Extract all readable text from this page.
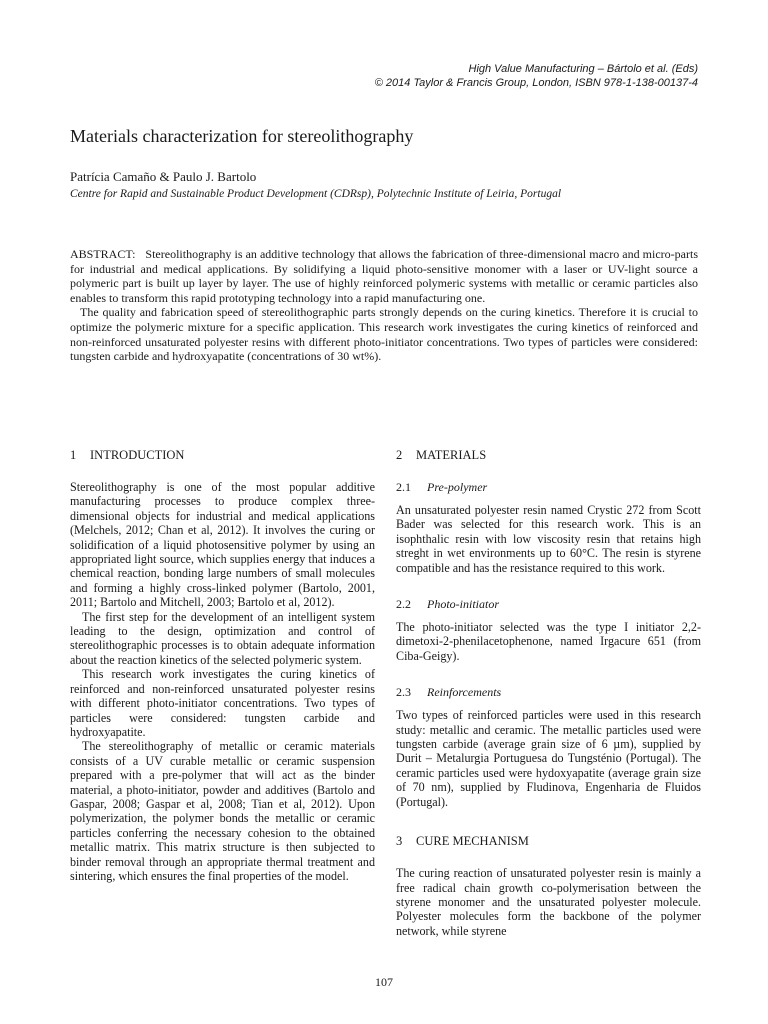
High Value Manufacturing – Bártolo et al. (Eds)
© 2014 Taylor & Francis Group, London, ISBN 978-1-138-00137-4
Materials characterization for stereolithography
Patrícia Camaño & Paulo J. Bartolo
Centre for Rapid and Sustainable Product Development (CDRsp), Polytechnic Institute of Leiria, Portugal

ABSTRACT: Stereolithography is an additive technology that allows the fabrication of three-dimensional macro and micro-parts for industrial and medical applications. By solidifying a liquid photo-sensitive monomer with a laser or UV-light source a polymeric part is built up layer by layer. The use of highly reinforced polymeric systems with metallic or ceramic particles also enables to transform this rapid prototyping technology into a rapid manufacturing one.

The quality and fabrication speed of stereolithographic parts strongly depends on the curing kinetics. Therefore it is crucial to optimize the polymeric mixture for a specific application. This research work investigates the curing kinetics of reinforced and non-reinforced unsaturated polyester resins with different photo-initiator concentrations. Two types of particles were considered: tungsten carbide and hydroxyapatite (concentrations of 30 wt%).

1 INTRODUCTION

Stereolithography is one of the most popular additive manufacturing processes to produce complex three-dimensional objects for industrial and medical applications (Melchels, 2012; Chan et al, 2012). It involves the curing or solidification of a liquid photosensitive polymer by using an appropriated light source, which supplies energy that induces a chemical reaction, bonding large numbers of small molecules and forming a highly cross-linked polymer (Bartolo, 2001, 2011; Bartolo and Mitchell, 2003; Bartolo et al, 2012).

The first step for the development of an intelligent system leading to the design, optimization and control of stereolithographic processes is to obtain adequate information about the reaction kinetics of the selected polymeric system.

This research work investigates the curing kinetics of reinforced and non-reinforced unsaturated polyester resins with different photo-initiator concentrations. Two types of particles were considered: tungsten carbide and hydroxyapatite.

The stereolithography of metallic or ceramic materials consists of a UV curable metallic or ceramic suspension prepared with a pre-polymer that will act as the binder material, a photo-initiator, powder and additives (Bartolo and Gaspar, 2008; Gaspar et al, 2008; Tian et al, 2012). Upon polymerization, the polymer bonds the metallic or ceramic particles conferring the necessary cohesion to the obtained metallic matrix. This matrix structure is then subjected to binder removal through an appropriate thermal treatment and sintering, which ensures the final properties of the model.

2 MATERIALS
2.1 Pre-polymer

An unsaturated polyester resin named Crystic 272 from Scott Bader was selected for this research work. This is an isophthalic resin with low viscosity resin that retains high streght in wet environments up to 60°C. The resin is styrene compatible and has the resistance required to this work.

2.2 Photo-initiator

The photo-initiator selected was the type I initiator 2,2-dimetoxi-2-phenilacetophenone, named Irgacure 651 (from Ciba-Geigy).

2.3 Reinforcements

Two types of reinforced particles were used in this research study: metallic and ceramic. The metallic particles used were tungsten carbide (average grain size of 6 µm), supplied by Durit – Metalurgia Portuguesa do Tungsténio (Portugal). The ceramic particles used were hydoxyapatite (average grain size of 70 nm), supplied by Fludinova, Engenharia de Fluidos (Portugal).

3 CURE MECHANISM

The curing reaction of unsaturated polyester resin is mainly a free radical chain growth co-polymerisation between the styrene monomer and the unsaturated polyester molecule. Polyester molecules form the backbone of the polymer network, while styrene

107
